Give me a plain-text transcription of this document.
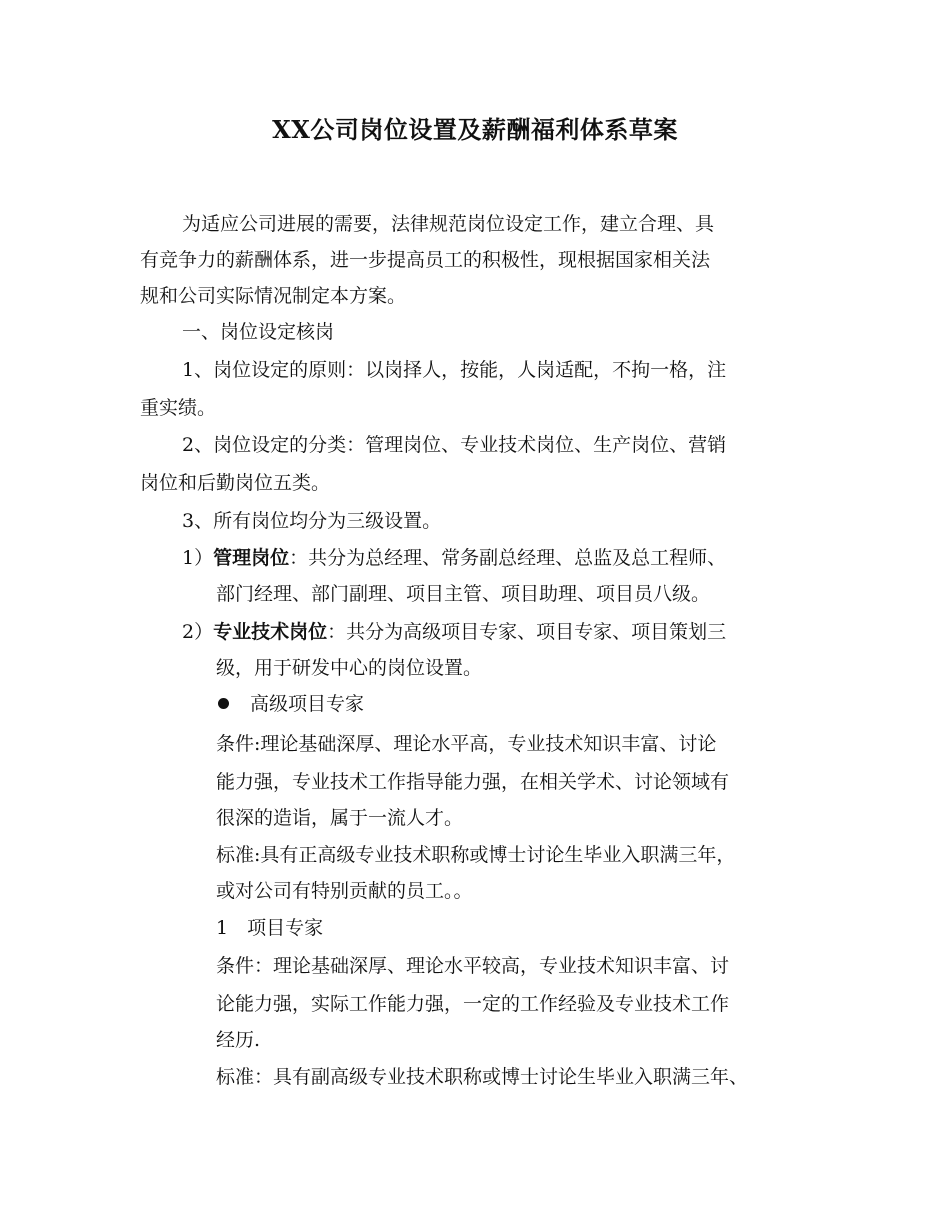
XX公司岗位设置及薪酬福利体系草案
为适应公司进展的需要，法律规范岗位设定工作，建立合理、具
有竞争力的薪酬体系，进一步提高员工的积极性，现根据国家相关法
规和公司实际情况制定本方案。
一、岗位设定核岗
1、岗位设定的原则：以岗择人，按能，人岗适配，不拘一格，注
重实绩。
2、岗位设定的分类：管理岗位、专业技术岗位、生产岗位、营销
岗位和后勤岗位五类。
3、所有岗位均分为三级设置。
1）管理岗位：共分为总经理、常务副总经理、总监及总工程师、
部门经理、部门副理、项目主管、项目助理、项目员八级。
2）专业技术岗位：共分为高级项目专家、项目专家、项目策划三
级，用于研发中心的岗位设置。
高级项目专家
条件:理论基础深厚、理论水平高，专业技术知识丰富、讨论
能力强，专业技术工作指导能力强，在相关学术、讨论领域有
很深的造诣，属于一流人才。
标准:具有正高级专业技术职称或博士讨论生毕业入职满三年，
或对公司有特别贡献的员工。。
1　项目专家
条件：理论基础深厚、理论水平较高，专业技术知识丰富、讨
论能力强，实际工作能力强，一定的工作经验及专业技术工作
经历.
标准：具有副高级专业技术职称或博士讨论生毕业入职满三年、
